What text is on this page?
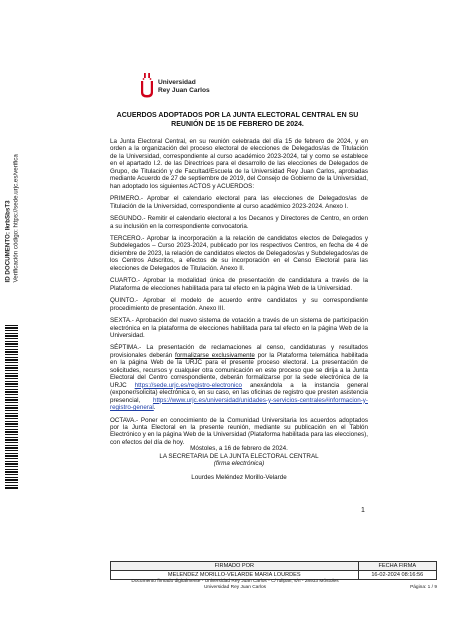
ID DOCUMENTO: lkrbSbsT3 Verificación código: https://sede.urjc.es/verifica
Universidad
Rey Juan Carlos
ACUERDOS ADOPTADOS POR LA JUNTA ELECTORAL CENTRAL EN SU REUNIÓN DE 15 DE FEBRERO DE 2024.

La Junta Electoral Central, en su reunión celebrada del día 15 de febrero de 2024, y en orden a la organización del proceso electoral de elecciones de Delegados/as de Titulación de la Universidad, correspondiente al curso académico 2023-2024, tal y como se establece en el apartado I.2. de las Directrices para el desarrollo de las elecciones de Delegados de Grupo, de Titulación y de Facultad/Escuela de la Universidad Rey Juan Carlos, aprobadas mediante Acuerdo de 27 de septiembre de 2019, del Consejo de Gobierno de la Universidad, han adoptado los siguientes ACTOS y ACUERDOS:

PRIMERO.- Aprobar el calendario electoral para las elecciones de Delegados/as de Titulación de la Universidad, correspondiente al curso académico 2023-2024. Anexo I.

SEGUNDO.- Remitir el calendario electoral a los Decanos y Directores de Centro, en orden a su inclusión en la correspondiente convocatoria.

TERCERO.- Aprobar la incorporación a la relación de candidatos electos de Delegados y Subdelegados – Curso 2023-2024, publicado por los respectivos Centros, en fecha de 4 de diciembre de 2023, la relación de candidatos electos de Delegados/as y Subdelegados/as de los Centros Adscritos, a efectos de su incorporación en el Censo Electoral para las elecciones de Delegados de Titulación. Anexo II.

CUARTO.- Aprobar la modalidad única de presentación de candidatura a través de la Plataforma de elecciones habilitada para tal efecto en la página Web de la Universidad.

QUINTO.- Aprobar el modelo de acuerdo entre candidatos y su correspondiente procedimiento de presentación. Anexo III.

SEXTA.- Aprobación del nuevo sistema de votación a través de un sistema de participación electrónica en la plataforma de elecciones habilitada para tal efecto en la página Web de la Universidad.

SÉPTIMA.- La presentación de reclamaciones al censo, candidaturas y resultados provisionales deberán formalizarse exclusivamente por la Plataforma telemática habilitada en la página Web de la URJC para el presente proceso electoral. La presentación de solicitudes, recursos y cualquier otra comunicación en este proceso que se dirija a la Junta Electoral del Centro correspondiente, deberán formalizarse por la sede electrónica de la URJC https://sede.urjc.es/registro-electronico anexándola a la instancia general (exponer/solicita) electrónica o, en su caso, en las oficinas de registro que presten asistencia presencial, https://www.urjc.es/universidad/unidades-y-servicios-centrales#informacion-y-registro-general.

OCTAVA.- Poner en conocimiento de la Comunidad Universitaria los acuerdos adoptados por la Junta Electoral en la presente reunión, mediante su publicación en el Tablón Electrónico y en la página Web de la Universidad (Plataforma habilitada para las elecciones), con efectos del día de hoy.

Móstoles, a 16 de febrero de 2024.
LA SECRETARIA DE LA JUNTA ELECTORAL CENTRAL
(firma electrónica)
Lourdes Meléndez Morillo-Velarde
1
FIRMADO POR	FECHA FIRMA
MELENDEZ MORILLO-VELARDE MARIA LOURDES	16-02-2024 08:16:56
Documento firmado digitalmente - Universidad Rey Juan Carlos - C/Tulipan, s/n - 28933 Móstoles
Universidad Rey Juan Carlos	Página: 1 / 9
